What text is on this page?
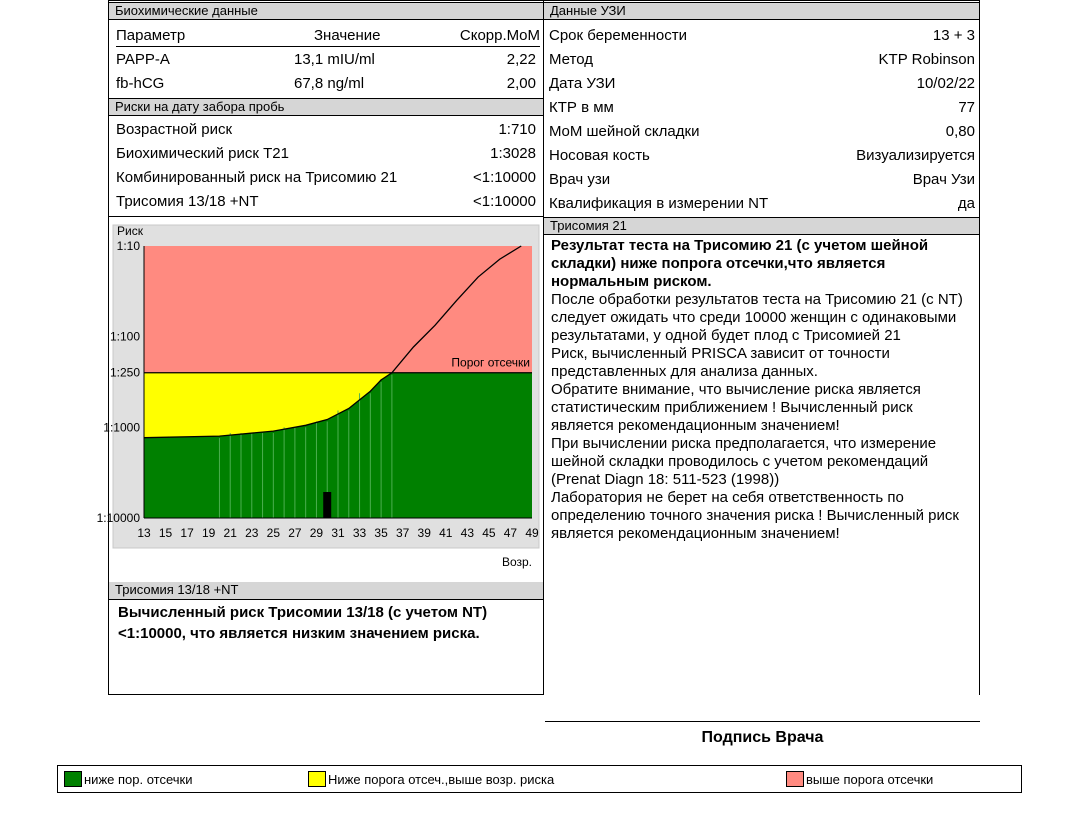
Биохимические данные
Параметр	Значение	Скорр.MoM
PAPP-A	13,1 mIU/ml	2,22
fb-hCG	67,8 ng/ml	2,00
Риски на дату забора пробь
Возрастной риск	1:710
Биохимический риск Т21	1:3028
Комбинированный риск на Трисомию 21	<1:10000
Трисомия 13/18 +NT	<1:10000
Данные УЗИ
Срок беременности	13 + 3
Метод	KTP Robinson
Дата УЗИ	10/02/22
КТР в мм	77
MoM шейной складки	0,80
Носовая кость	Визуализируется
Врач узи	Врач Узи
Квалификация в измерении NT	да
1:10
1:100
1:250
1:1000
1:10000
13 15 17 19 21 23 25 27 29 31 33 35 37 39 41 43 45 47 49
Порог отсечки
Риск
Возр.
Трисомия 13/18 +NT
Вычисленный риск Трисомии 13/18 (с учетом NT) <1:10000, что является низким значением риска.
Трисомия 21

Результат теста на Трисомию 21 (с учетом шейной складки) ниже попрога отсечки,что является нормальным риском.

После обработки результатов теста на Трисомию 21 (с NT) следует ожидать что среди 10000 женщин с одинаковыми результатами, у одной будет плод с Трисомией 21

Риск, вычисленный PRISCA зависит от точности представленных для анализа данных.

Обратите внимание, что вычисление риска является статистическим приближением ! Вычисленный риск является рекомендационным значением!

При вычислении риска предполагается, что измерение шейной складки проводилось с учетом рекомендаций (Prenat Diagn 18: 511-523 (1998))

Лаборатория не берет на себя ответственность по определению точного значения риска ! Вычисленный риск является рекомендационным значением!

Подпись Врача
ниже пор. отсечки	Ниже порога отсеч.,выше возр. риска	выше порога отсечки
